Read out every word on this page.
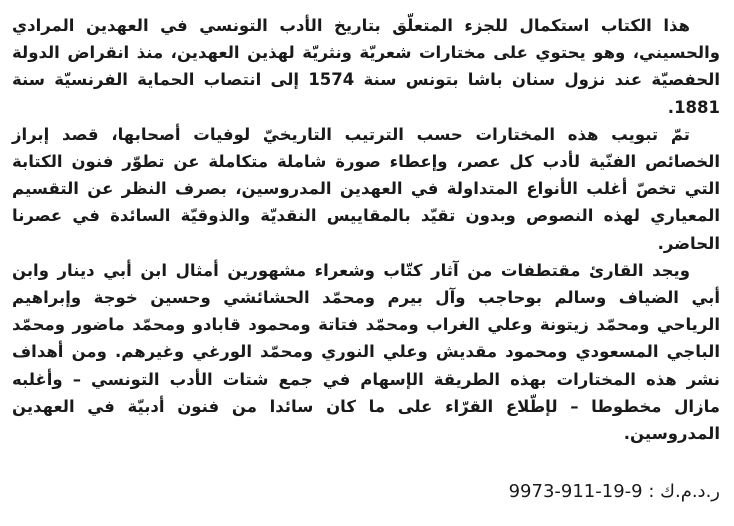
هذا الكتاب استكمال للجزء المتعلّق بتاريخ الأدب التونسي في العهدين المرادي والحسيني، وهو يحتوي على مختارات شعريّة ونثريّة لهذين العهدين، منذ انقراض الدولة الحفصيّة عند نزول سنان باشا بتونس سنة 1574 إلى انتصاب الحماية الفرنسيّة سنة 1881.

تمّ تبويب هذه المختارات حسب الترتيب التاريخيّ لوفيات أصحابها، قصد إبراز الخصائص الفنّية لأدب كل عصر، وإعطاء صورة شاملة متكاملة عن تطوّر فنون الكتابة التي تخصّ أغلب الأنواع المتداولة في العهدين المدروسين، بصرف النظر عن التقسيم المعياري لهذه النصوص وبدون تقيّد بالمقاييس النقديّة والذوقيّة السائدة في عصرنا الحاضر.

ويجد القارئ مقتطفات من آثار كتّاب وشعراء مشهورين أمثال ابن أبي دينار وابن أبي الضياف وسالم بوحاجب وآل بيرم ومحمّد الحشائشي وحسين خوجة وإبراهيم الرياحي ومحمّد زيتونة وعلي الغراب ومحمّد فتاتة ومحمود قابادو ومحمّد ماضور ومحمّد الباجي المسعودي ومحمود مقديش وعلي النوري ومحمّد الورغي وغيرهم. ومن أهداف نشر هذه المختارات بهذه الطريقة الإسهام في جمع شتات الأدب التونسي – وأغلبه مازال مخطوطا – لإطّلاع القرّاء على ما كان سائدا من فنون أدبيّة في العهدين المدروسين.

ر.د.م.ك : 9-19-911-9973
